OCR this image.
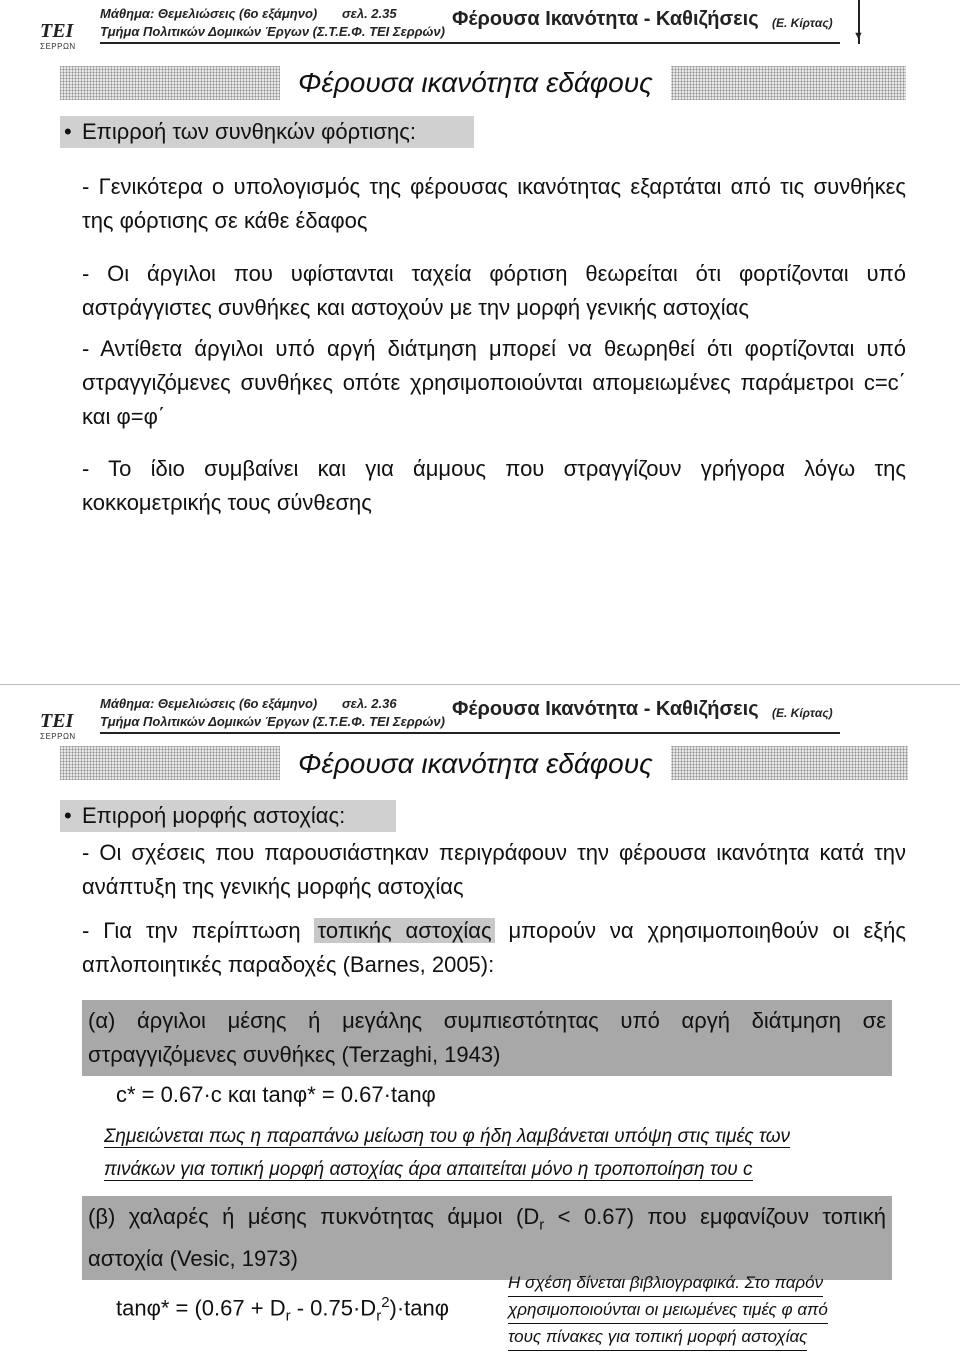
ΤΕΙ
ΣΕΡΡΩΝ
Μάθημα: Θεμελιώσεις (6ο εξάμηνο) σελ. 2.35
Τμήμα Πολιτικών Δομικών Έργων (Σ.Τ.Ε.Φ. ΤΕΙ Σερρών)
Φέρουσα Ικανότητα - Καθιζήσεις (Ε. Κίρτας)
▼
Φέρουσα ικανότητα εδάφους
• Επιρροή των συνθηκών φόρτισης:

- Γενικότερα ο υπολογισμός της φέρουσας ικανότητας εξαρτάται από τις συνθήκες της φόρτισης σε κάθε έδαφος

- Οι άργιλοι που υφίστανται ταχεία φόρτιση θεωρείται ότι φορτίζονται υπό αστράγγιστες συνθήκες και αστοχούν με την μορφή γενικής αστοχίας

- Αντίθετα άργιλοι υπό αργή διάτμηση μπορεί να θεωρηθεί ότι φορτίζονται υπό στραγγιζόμενες συνθήκες οπότε χρησιμοποιούνται απομειωμένες παράμετροι c=c΄ και φ=φ΄

- Το ίδιο συμβαίνει και για άμμους που στραγγίζουν γρήγορα λόγω της κοκκομετρικής τους σύνθεσης

ΤΕΙ
ΣΕΡΡΩΝ
Μάθημα: Θεμελιώσεις (6ο εξάμηνο) σελ. 2.36
Τμήμα Πολιτικών Δομικών Έργων (Σ.Τ.Ε.Φ. ΤΕΙ Σερρών)
Φέρουσα Ικανότητα - Καθιζήσεις (Ε. Κίρτας)
Φέρουσα ικανότητα εδάφους
• Επιρροή μορφής αστοχίας:

- Οι σχέσεις που παρουσιάστηκαν περιγράφουν την φέρουσα ικανότητα κατά την ανάπτυξη της γενικής μορφής αστοχίας

- Για την περίπτωση τοπικής αστοχίας μπορούν να χρησιμοποιηθούν οι εξής απλοποιητικές παραδοχές (Barnes, 2005):

(α) άργιλοι μέσης ή μεγάλης συμπιεστότητας υπό αργή διάτμηση σε στραγγιζόμενες συνθήκες (Terzaghi, 1943)
c* = 0.67·c και tanφ* = 0.67·tanφ
Σημειώνεται πως η παραπάνω μείωση του φ ήδη λαμβάνεται υπόψη στις τιμές των
πινάκων για τοπική μορφή αστοχίας άρα απαιτείται μόνο η τροποποίηση του c
(β) χαλαρές ή μέσης πυκνότητας άμμοι $(D_r < 0.67)$ που εμφανίζουν τοπική αστοχία (Vesic, 1973)
$\tan\varphi* = (0.67 + D_r - 0.75\cdot D_r^2)\cdot\tan\varphi$
Η σχέση δίνεται βιβλιογραφικά. Στο παρόν
χρησιμοποιούνται οι μειωμένες τιμές φ από
τους πίνακες για τοπική μορφή αστοχίας
